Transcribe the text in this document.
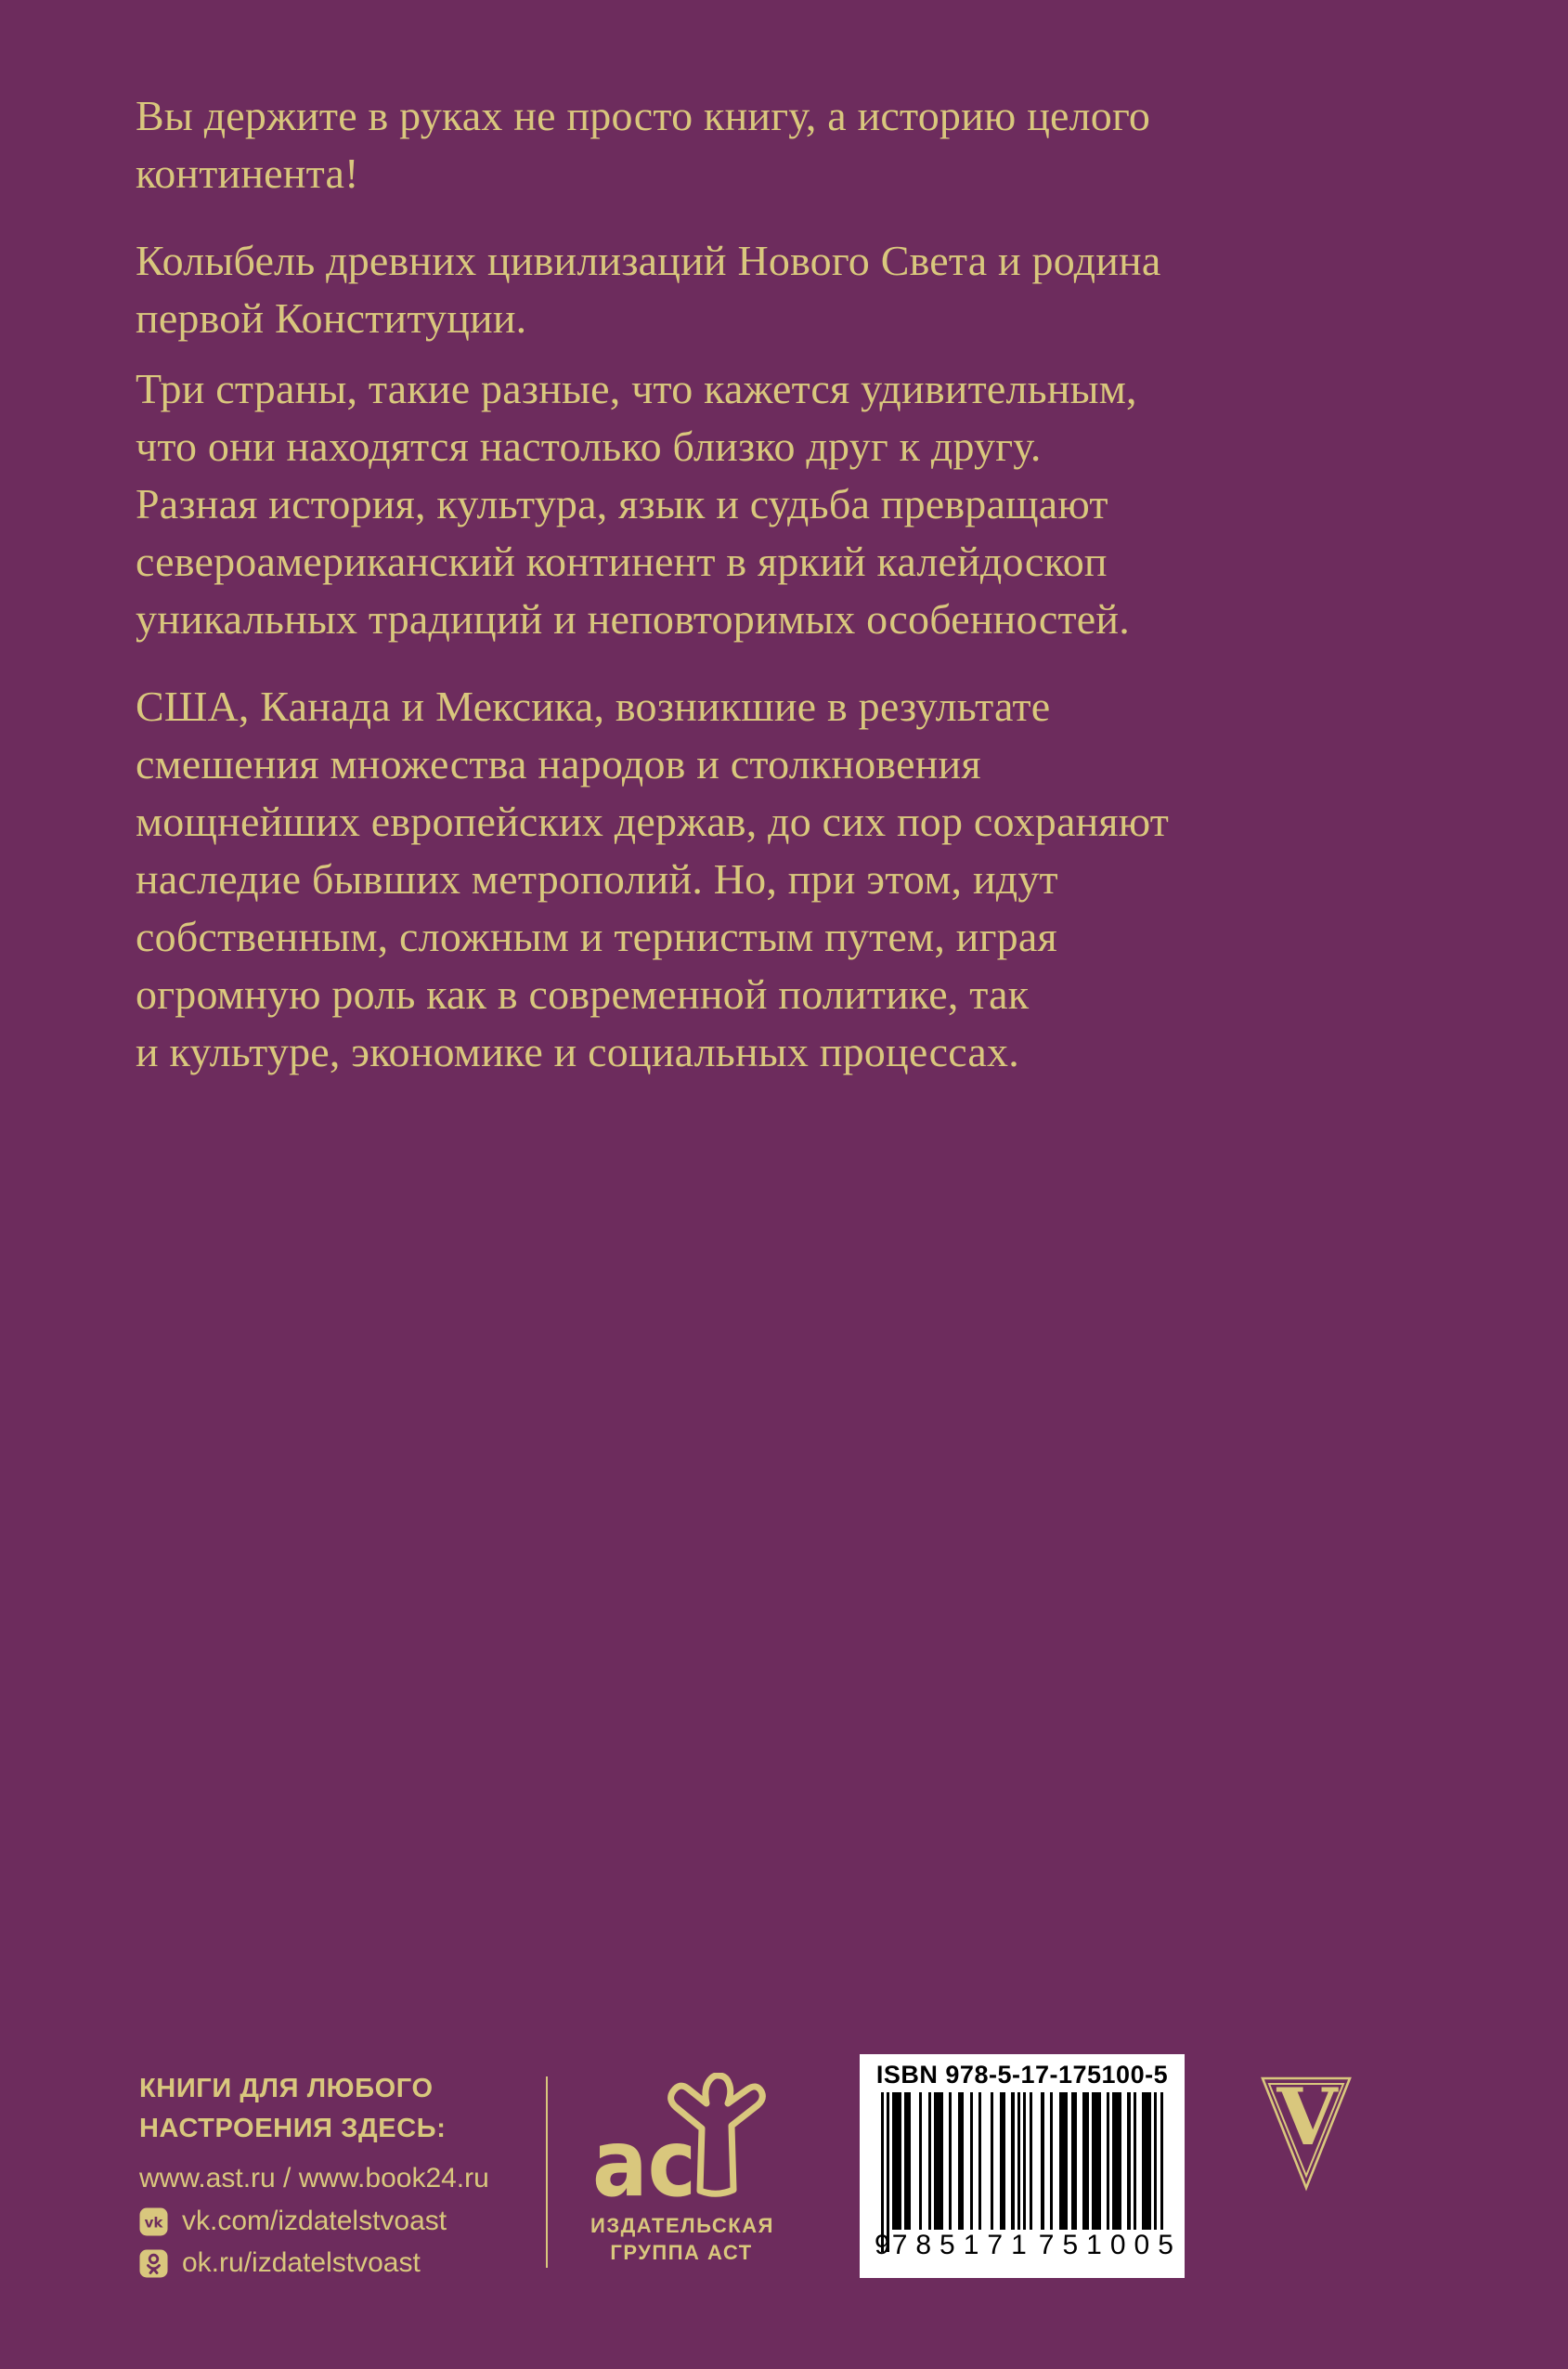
Вы держите в руках не просто книгу, а историю целого
континента!
Колыбель древних цивилизаций Нового Света и родина
первой Конституции.
Три страны, такие разные, что кажется удивительным,
что они находятся настолько близко друг к другу.
Разная история, культура, язык и судьба превращают
североамериканский континент в яркий калейдоскоп
уникальных традиций и неповторимых особенностей.
США, Канада и Мексика, возникшие в результате
смешения множества народов и столкновения
мощнейших европейских держав, до сих пор сохраняют
наследие бывших метрополий. Но, при этом, идут
собственным, сложным и тернистым путем, играя
огромную роль как в современной политике, так
и культуре, экономике и социальных процессах.
КНИГИ ДЛЯ ЛЮБОГО
НАСТРОЕНИЯ ЗДЕСЬ:
www.ast.ru / www.book24.ru
vk vk.com/izdatelstvoast
ok.ru/izdatelstvoast
ас
ИЗДАТЕЛЬСКАЯ
ГРУППА АСТ
ISBN 978-5-17-175100-5
9 785171 751005
V
